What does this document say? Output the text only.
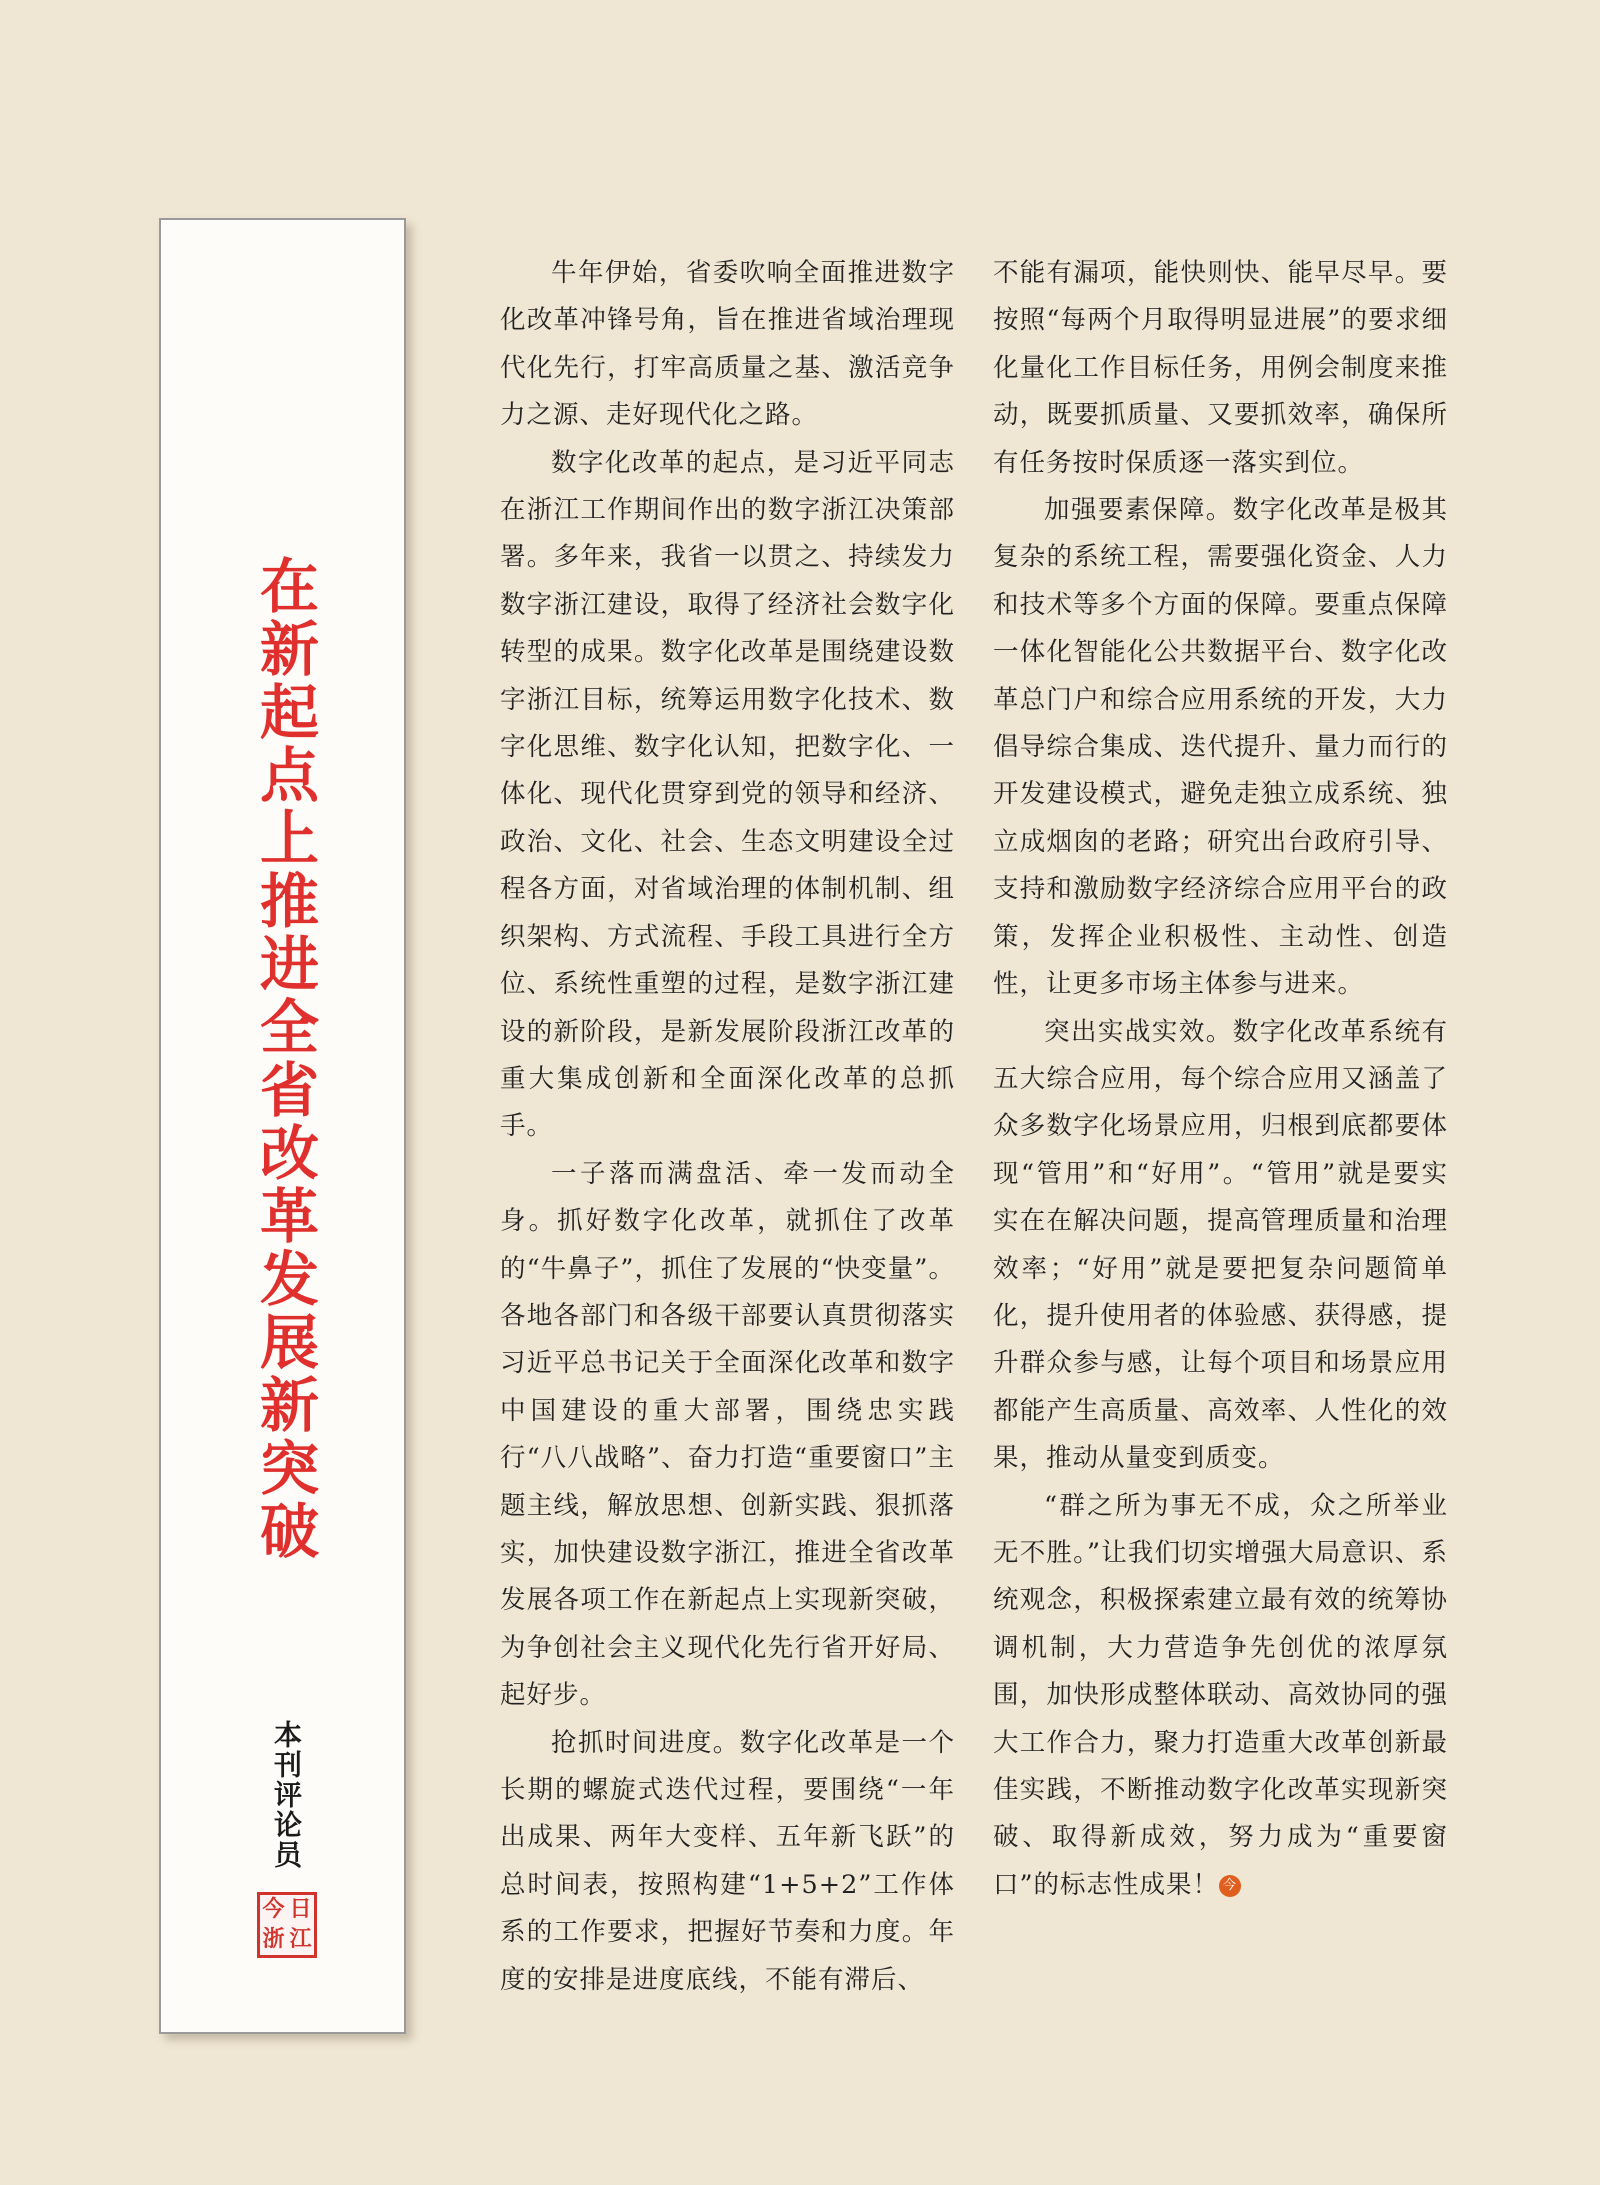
在新起点上推进全省改革发展新突破
本刊评论员
今 日
浙 江

牛年伊始，省委吹响全面推进数字化改革冲锋号角，旨在推进省域治理现代化先行，打牢高质量之基、激活竞争力之源、走好现代化之路。

数字化改革的起点，是习近平同志在浙江工作期间作出的数字浙江决策部署。多年来，我省一以贯之、持续发力数字浙江建设，取得了经济社会数字化转型的成果。数字化改革是围绕建设数字浙江目标，统筹运用数字化技术、数字化思维、数字化认知，把数字化、一体化、现代化贯穿到党的领导和经济、政治、文化、社会、生态文明建设全过程各方面，对省域治理的体制机制、组织架构、方式流程、手段工具进行全方位、系统性重塑的过程，是数字浙江建设的新阶段，是新发展阶段浙江改革的重大集成创新和全面深化改革的总抓手。

一子落而满盘活、牵一发而动全身。抓好数字化改革，就抓住了改革的“牛鼻子”，抓住了发展的“快变量”。各地各部门和各级干部要认真贯彻落实习近平总书记关于全面深化改革和数字中国建设的重大部署，围绕忠实践行“八八战略”、奋力打造“重要窗口”主题主线，解放思想、创新实践、狠抓落实，加快建设数字浙江，推进全省改革发展各项工作在新起点上实现新突破，为争创社会主义现代化先行省开好局、起好步。

抢抓时间进度。数字化改革是一个长期的螺旋式迭代过程，要围绕“一年出成果、两年大变样、五年新飞跃”的总时间表，按照构建“1+5+2”工作体系的工作要求，把握好节奏和力度。年度的安排是进度底线，不能有滞后、

不能有漏项，能快则快、能早尽早。要按照“每两个月取得明显进展”的要求细化量化工作目标任务，用例会制度来推动，既要抓质量、又要抓效率，确保所有任务按时保质逐一落实到位。

加强要素保障。数字化改革是极其复杂的系统工程，需要强化资金、人力和技术等多个方面的保障。要重点保障一体化智能化公共数据平台、数字化改革总门户和综合应用系统的开发，大力倡导综合集成、迭代提升、量力而行的开发建设模式，避免走独立成系统、独立成烟囱的老路；研究出台政府引导、支持和激励数字经济综合应用平台的政策，发挥企业积极性、主动性、创造性，让更多市场主体参与进来。

突出实战实效。数字化改革系统有五大综合应用，每个综合应用又涵盖了众多数字化场景应用，归根到底都要体现“管用”和“好用”。“管用”就是要实实在在解决问题，提高管理质量和治理效率；“好用”就是要把复杂问题简单化，提升使用者的体验感、获得感，提升群众参与感，让每个项目和场景应用都能产生高质量、高效率、人性化的效果，推动从量变到质变。

“群之所为事无不成，众之所举业无不胜。”让我们切实增强大局意识、系统观念，积极探索建立最有效的统筹协调机制，大力营造争先创优的浓厚氛围，加快形成整体联动、高效协同的强大工作合力，聚力打造重大改革创新最佳实践，不断推动数字化改革实现新突破、取得新成效，努力成为“重要窗口”的标志性成果！ 今
